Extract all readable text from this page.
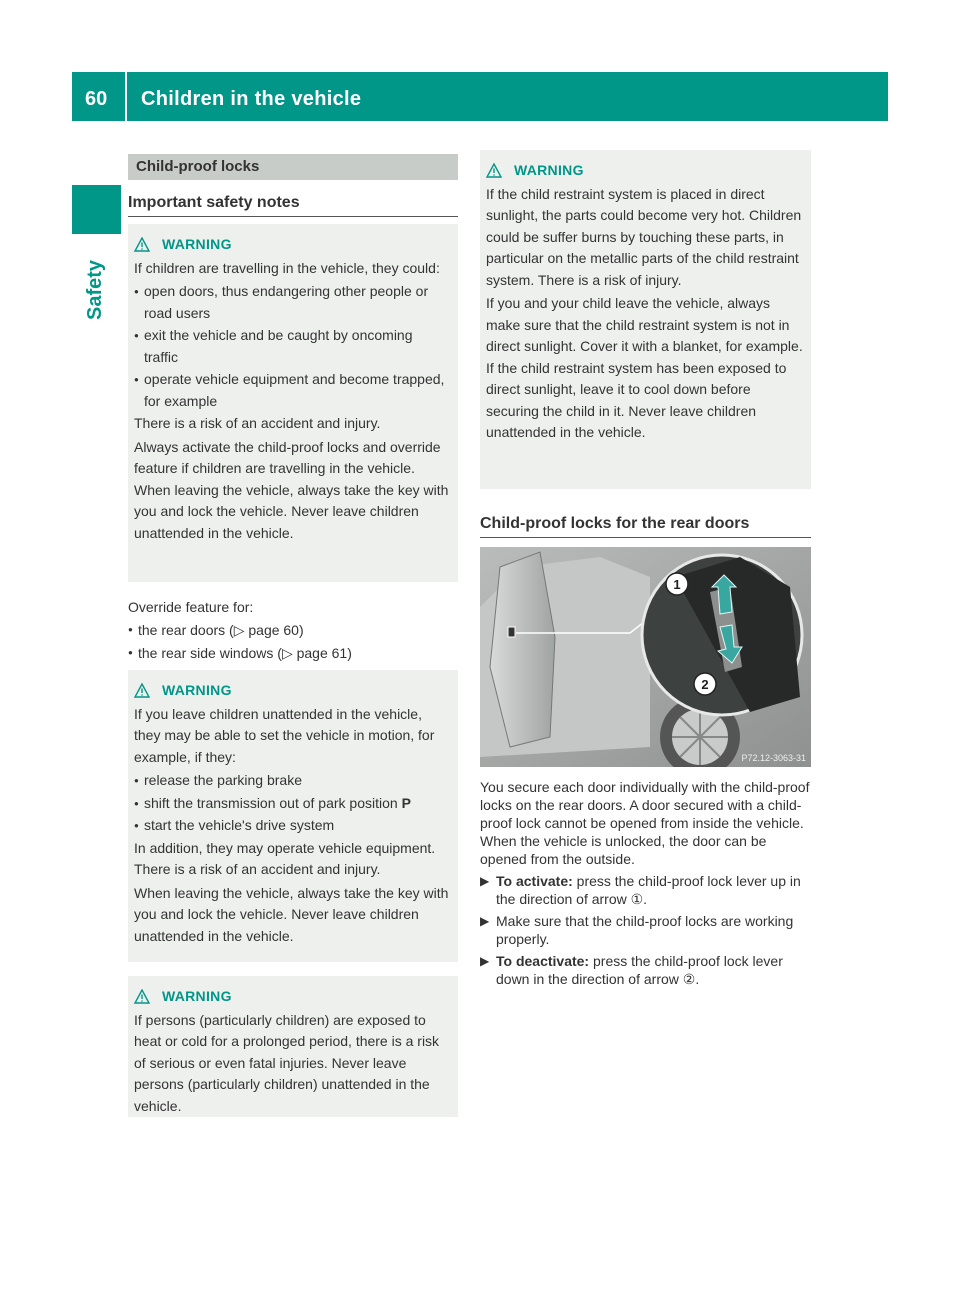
60 Children in the vehicle
Safety
Child-proof locks
Important safety notes
WARNING

If children are travelling in the vehicle, they could:

● open doors, thus endangering other people or road users
● exit the vehicle and be caught by oncoming traffic
● operate vehicle equipment and become trapped, for example

There is a risk of an accident and injury.

Always activate the child-proof locks and override feature if children are travelling in the vehicle. When leaving the vehicle, always take the key with you and lock the vehicle. Never leave children unattended in the vehicle.

Override feature for:
● the rear doors (▷ page 60)
● the rear side windows (▷ page 61)
WARNING

If you leave children unattended in the vehicle, they may be able to set the vehicle in motion, for example, if they:

● release the parking brake
● shift the transmission out of park position P
● start the vehicle's drive system

In addition, they may operate vehicle equipment. There is a risk of an accident and injury.

When leaving the vehicle, always take the key with you and lock the vehicle. Never leave children unattended in the vehicle.

WARNING

If persons (particularly children) are exposed to heat or cold for a prolonged period, there is a risk of serious or even fatal injuries. Never leave persons (particularly children) unattended in the vehicle.

WARNING

If the child restraint system is placed in direct sunlight, the parts could become very hot. Children could be suffer burns by touching these parts, in particular on the metallic parts of the child restraint system. There is a risk of injury.

If you and your child leave the vehicle, always make sure that the child restraint system is not in direct sunlight. Cover it with a blanket, for example. If the child restraint system has been exposed to direct sunlight, leave it to cool down before securing the child in it. Never leave children unattended in the vehicle.

Child-proof locks for the rear doors
1
2
P72.12-3063-31

You secure each door individually with the child-proof locks on the rear doors. A door secured with a child-proof lock cannot be opened from inside the vehicle. When the vehicle is unlocked, the door can be opened from the outside.

▶ To activate: press the child-proof lock lever up in the direction of arrow ①.
▶ Make sure that the child-proof locks are working properly.
▶ To deactivate: press the child-proof lock lever down in the direction of arrow ②.
